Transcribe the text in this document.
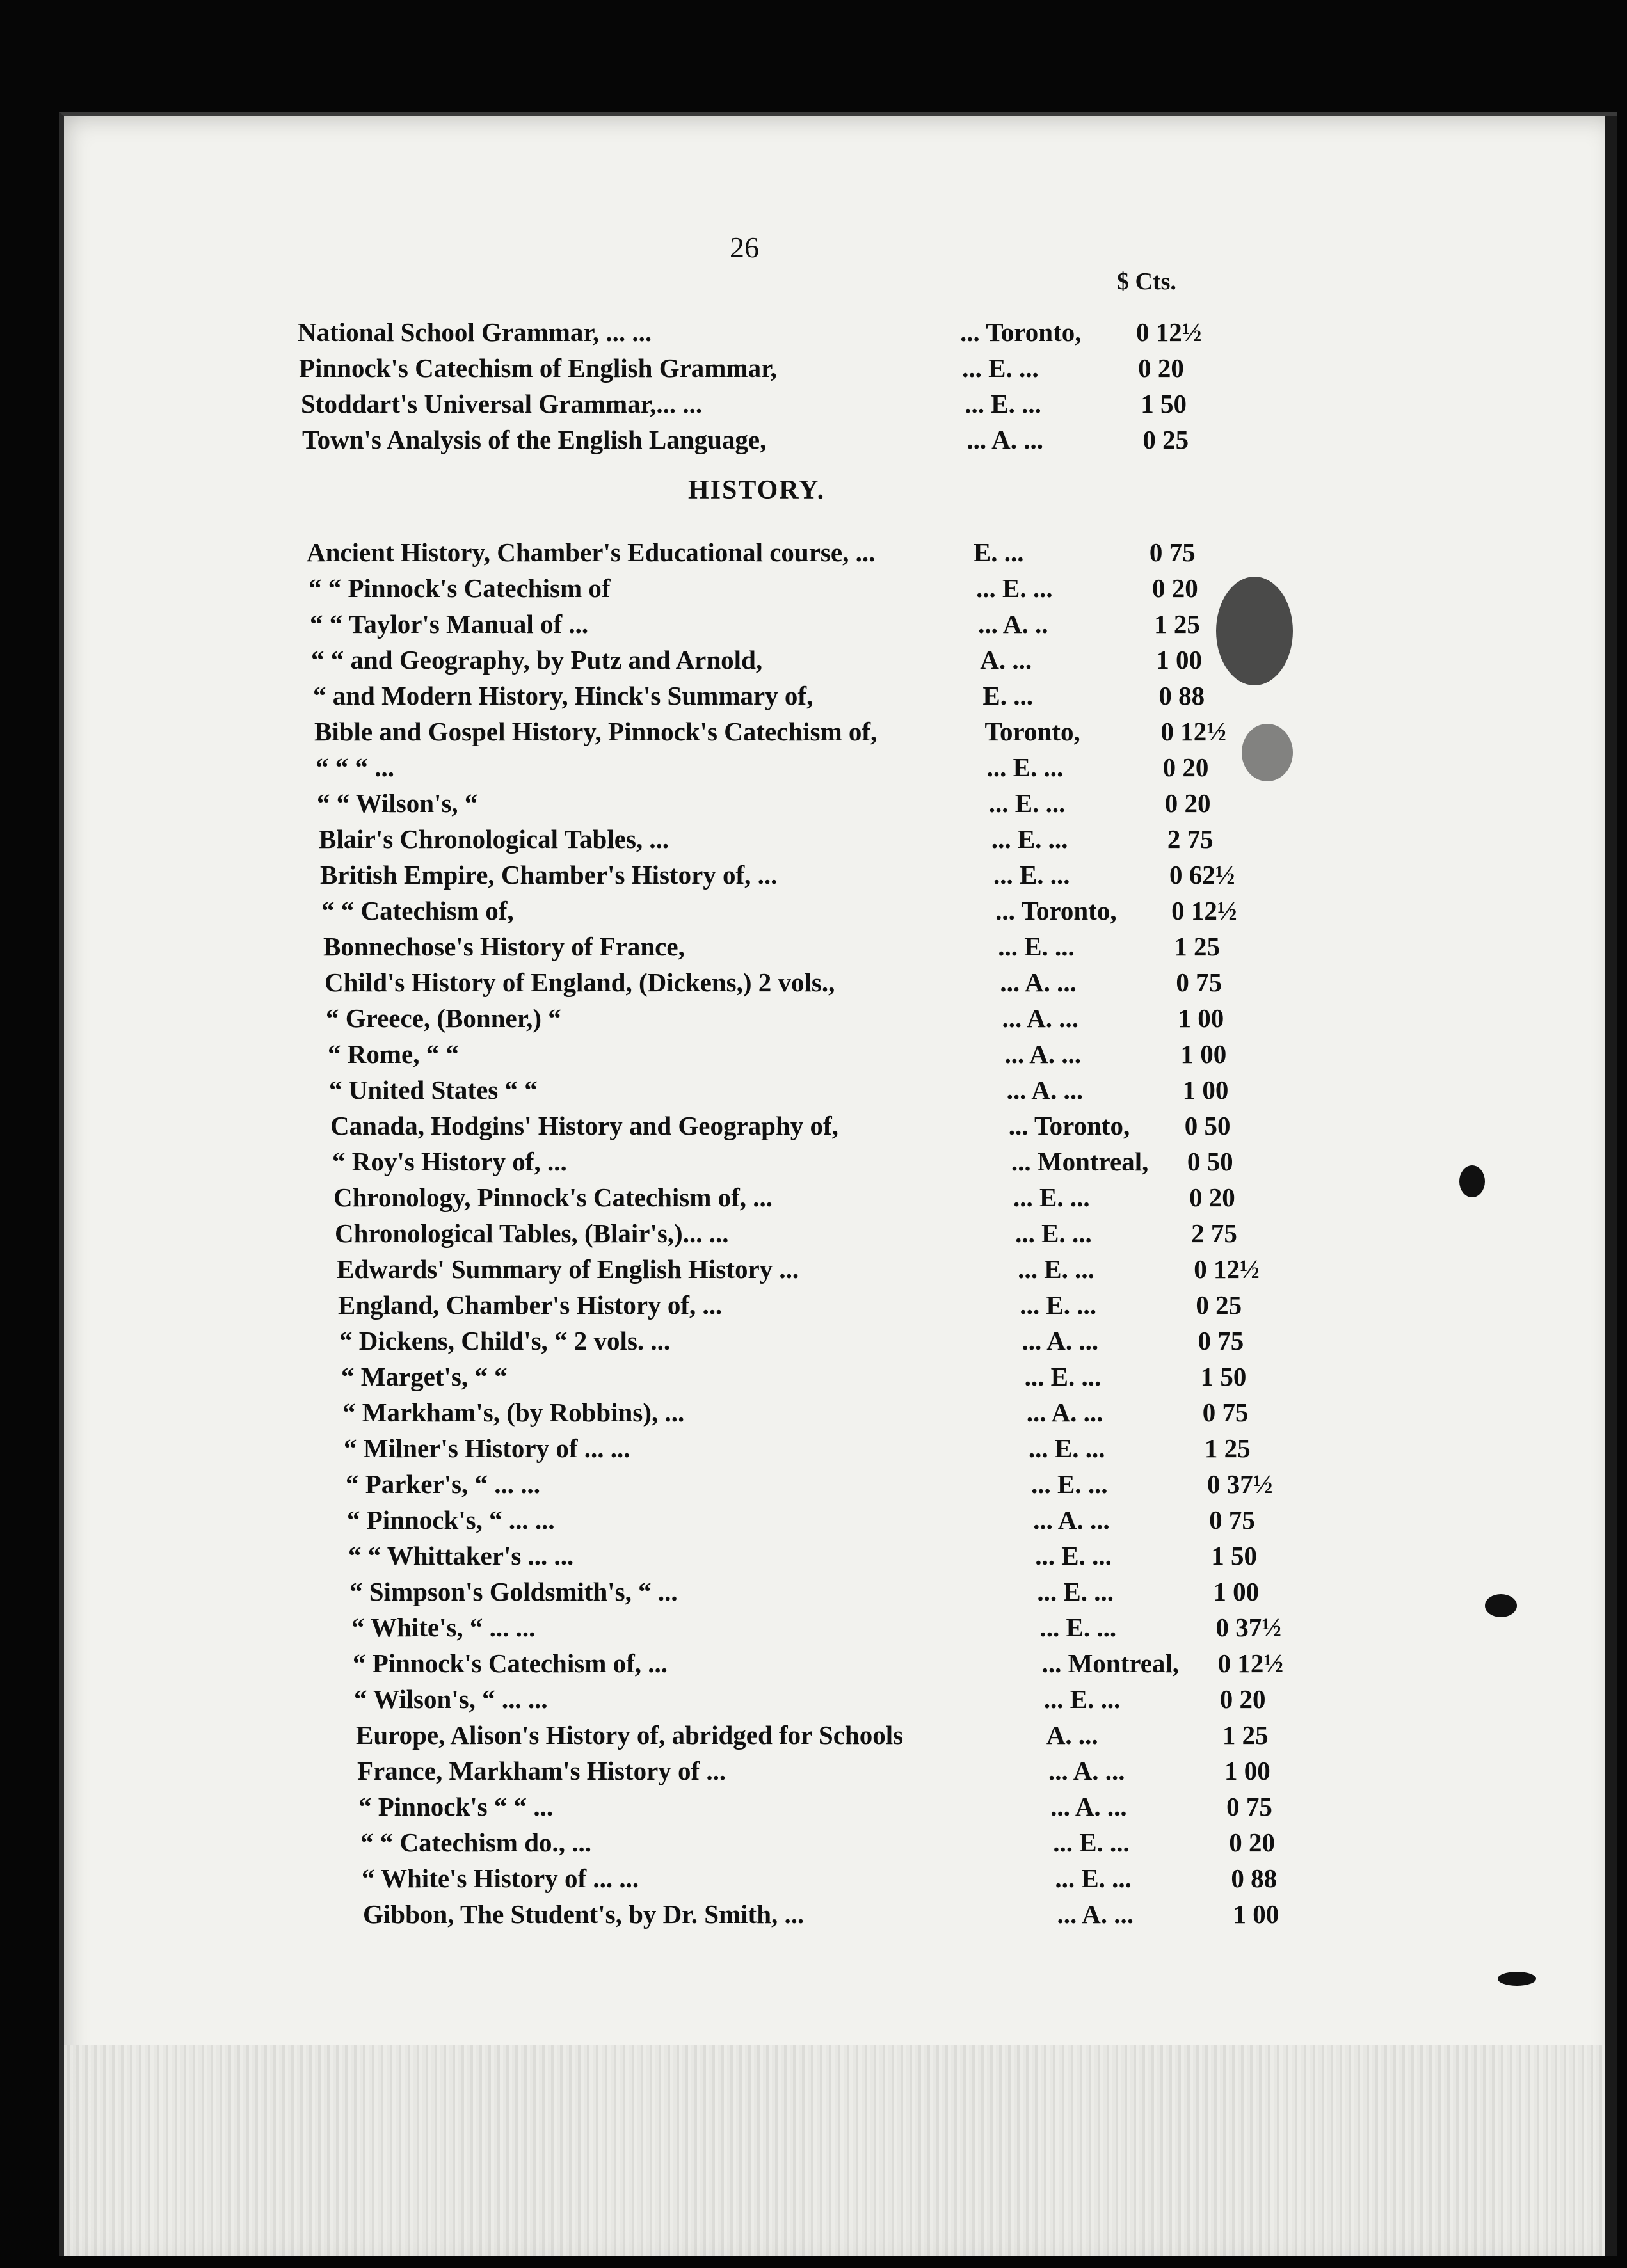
26
$ Cts.
HISTORY.
National School Grammar, ... ...	... Toronto, 0 12½
Pinnock's Catechism of English Grammar,	... E. ...	0 20
Stoddart's Universal Grammar,... ...	... E. ...	1 50
Town's Analysis of the English Language,	... A. ...	0 25
Ancient History, Chamber's Educational course, ...	E. ...	0 75
“ “ Pinnock's Catechism of	... E. ...	0 20
“ “ Taylor's Manual of ...	... A. ..	1 25
“ “ and Geography, by Putz and Arnold,	A. ...	1 00
“ and Modern History, Hinck's Summary of,	E. ...	0 88
Bible and Gospel History, Pinnock's Catechism of,	Toronto,	0 12½
“ “ “ ...	... E. ...	0 20
“ “ Wilson's, “	... E. ...	0 20
Blair's Chronological Tables, ...	... E. ...	2 75
British Empire, Chamber's History of, ...	... E. ...	0 62½
“ “ Catechism of,	... Toronto, 0 12½
Bonnechose's History of France,	... E. ...	1 25
Child's History of England, (Dickens,) 2 vols.,	... A. ...	0 75
“ Greece, (Bonner,) “	... A. ...	1 00
“ Rome, “ “	... A. ...	1 00
“ United States “ “	... A. ...	1 00
Canada, Hodgins' History and Geography of,	... Toronto, 0 50
“ Roy's History of, ...	... Montreal, 0 50
Chronology, Pinnock's Catechism of, ...	... E. ...	0 20
Chronological Tables, (Blair's,)... ...	... E. ...	2 75
Edwards' Summary of English History ...	... E. ...	0 12½
England, Chamber's History of, ...	... E. ...	0 25
“ Dickens, Child's, “ 2 vols. ...	... A. ...	0 75
“ Marget's, “ “	... E. ...	1 50
“ Markham's, (by Robbins), ...	... A. ...	0 75
“ Milner's History of ... ...	... E. ...	1 25
“ Parker's, “ ... ...	... E. ...	0 37½
“ Pinnock's, “ ... ...	... A. ...	0 75
“ “ Whittaker's ... ...	... E. ...	1 50
“ Simpson's Goldsmith's, “ ...	... E. ...	1 00
“ White's, “ ... ...	... E. ...	0 37½
“ Pinnock's Catechism of, ...	... Montreal, 0 12½
“ Wilson's, “ ... ...	... E. ...	0 20
Europe, Alison's History of, abridged for Schools	A. ...	1 25
France, Markham's History of ...	... A. ...	1 00
“ Pinnock's “ “ ...	... A. ...	0 75
“ “ Catechism do., ...	... E. ...	0 20
“ White's History of ... ...	... E. ...	0 88
Gibbon, The Student's, by Dr. Smith, ...	... A. ...	1 00
